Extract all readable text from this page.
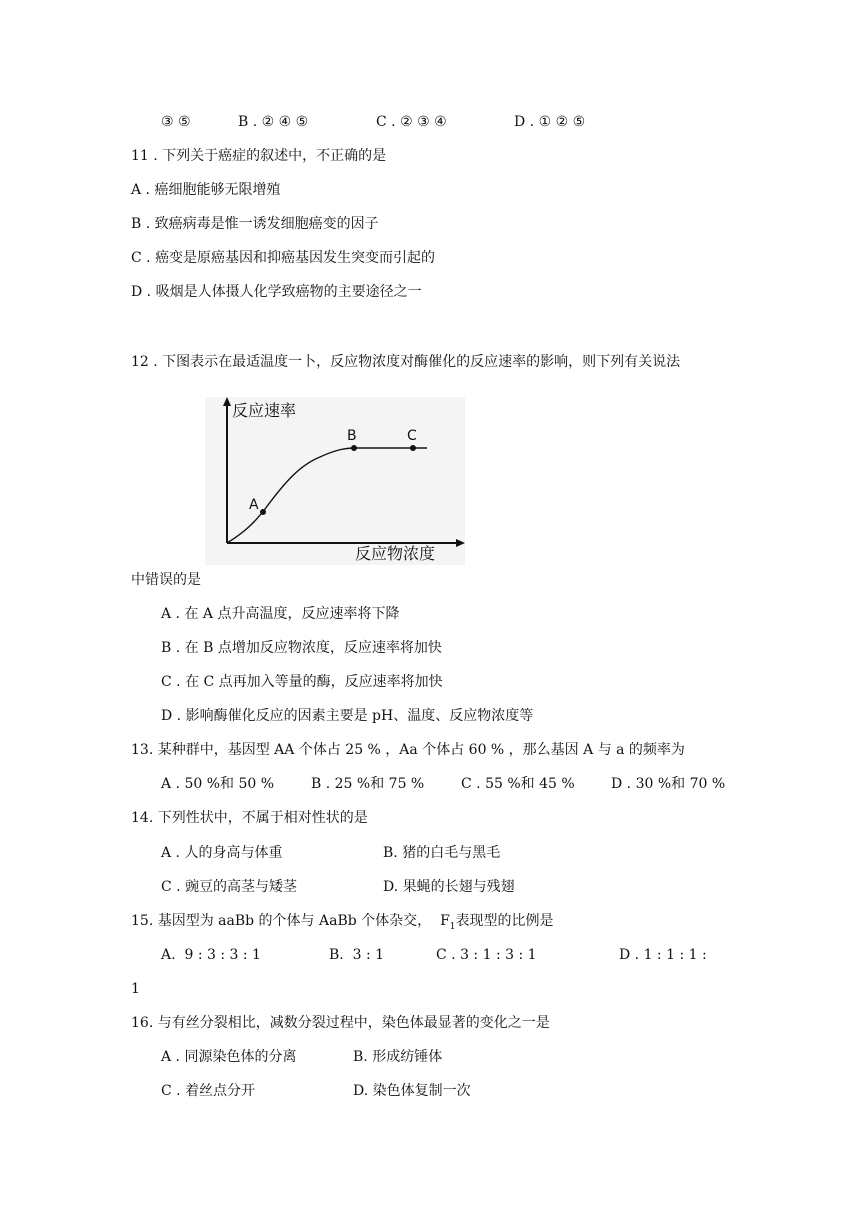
③ ⑤	B . ② ④ ⑤	C . ② ③ ④	D . ① ② ⑤
11 . 下列关于癌症的叙述中，不正确的是
A . 癌细胞能够无限增殖
B . 致癌病毒是惟一诱发细胞癌变的因子
C . 癌变是原癌基因和抑癌基因发生突变而引起的
D . 吸烟是人体摄人化学致癌物的主要途径之一
12 . 下图表示在最适温度一卜，反应物浓度对酶催化的反应速率的影响，则下列有关说法
A
B	C
反应速率
反应物浓度
中错误的是
A . 在 A 点升高温度，反应速率将下降
B . 在 B 点增加反应物浓度，反应速率将加快
C . 在 C 点再加入等量的酶，反应速率将加快
D . 影响酶催化反应的因素主要是 pH、温度、反应物浓度等
13. 某种群中，基因型 AA 个体占 25 % ，Aa 个体占 60 % ，那么基因 A 与 a 的频率为
A . 50 %和 50 %	B . 25 %和 75 %	C . 55 %和 45 %	D . 30 %和 70 %
14. 下列性状中，不属于相对性状的是
A . 人的身高与体重	B. 猪的白毛与黑毛
C . 豌豆的高茎与矮茎	D. 果蝇的长翅与残翅
15. 基因型为 aaBb 的个体与 AaBb 个体杂交，  $F_1$表现型的比例是
A.  9 : 3 : 3 : 1	B.  3 : 1	C . 3 : 1 : 3 : 1	D . 1 : 1 : 1 :
1
16. 与有丝分裂相比，减数分裂过程中，染色体最显著的变化之一是
A . 同源染色体的分离	B. 形成纺锤体
C . 着丝点分开	D. 染色体复制一次
